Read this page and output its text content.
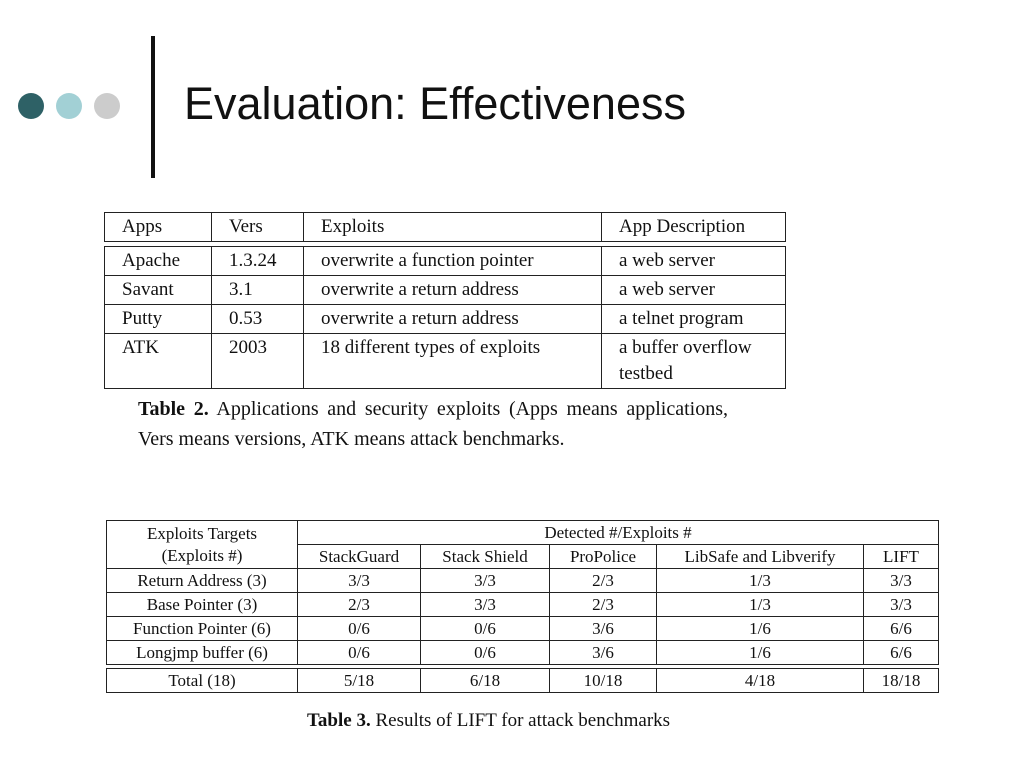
Evaluation: Effectiveness
Apps	Vers	Exploits	App Description

Apache	1.3.24	overwrite a function pointer	a web server
Savant	3.1	overwrite a return address	a web server
Putty	0.53	overwrite a return address	a telnet program
ATK	2003	18 different types of exploits	a buffer overflow testbed
Table 2. Applications and security exploits (Apps means applications, Vers means versions, ATK means attack benchmarks.
Exploits Targets
(Exploits #)	Detected #/Exploits #				
	StackGuard	Stack Shield	ProPolice	LibSafe and Libverify	LIFT
Return Address (3)	3/3	3/3	2/3	1/3	3/3
Base Pointer (3)	2/3	3/3	2/3	1/3	3/3
Function Pointer (6)	0/6	0/6	3/6	1/6	6/6
Longjmp buffer (6)	0/6	0/6	3/6	1/6	6/6

Total (18)	5/18	6/18	10/18	4/18	18/18
Table 3. Results of LIFT for attack benchmarks
